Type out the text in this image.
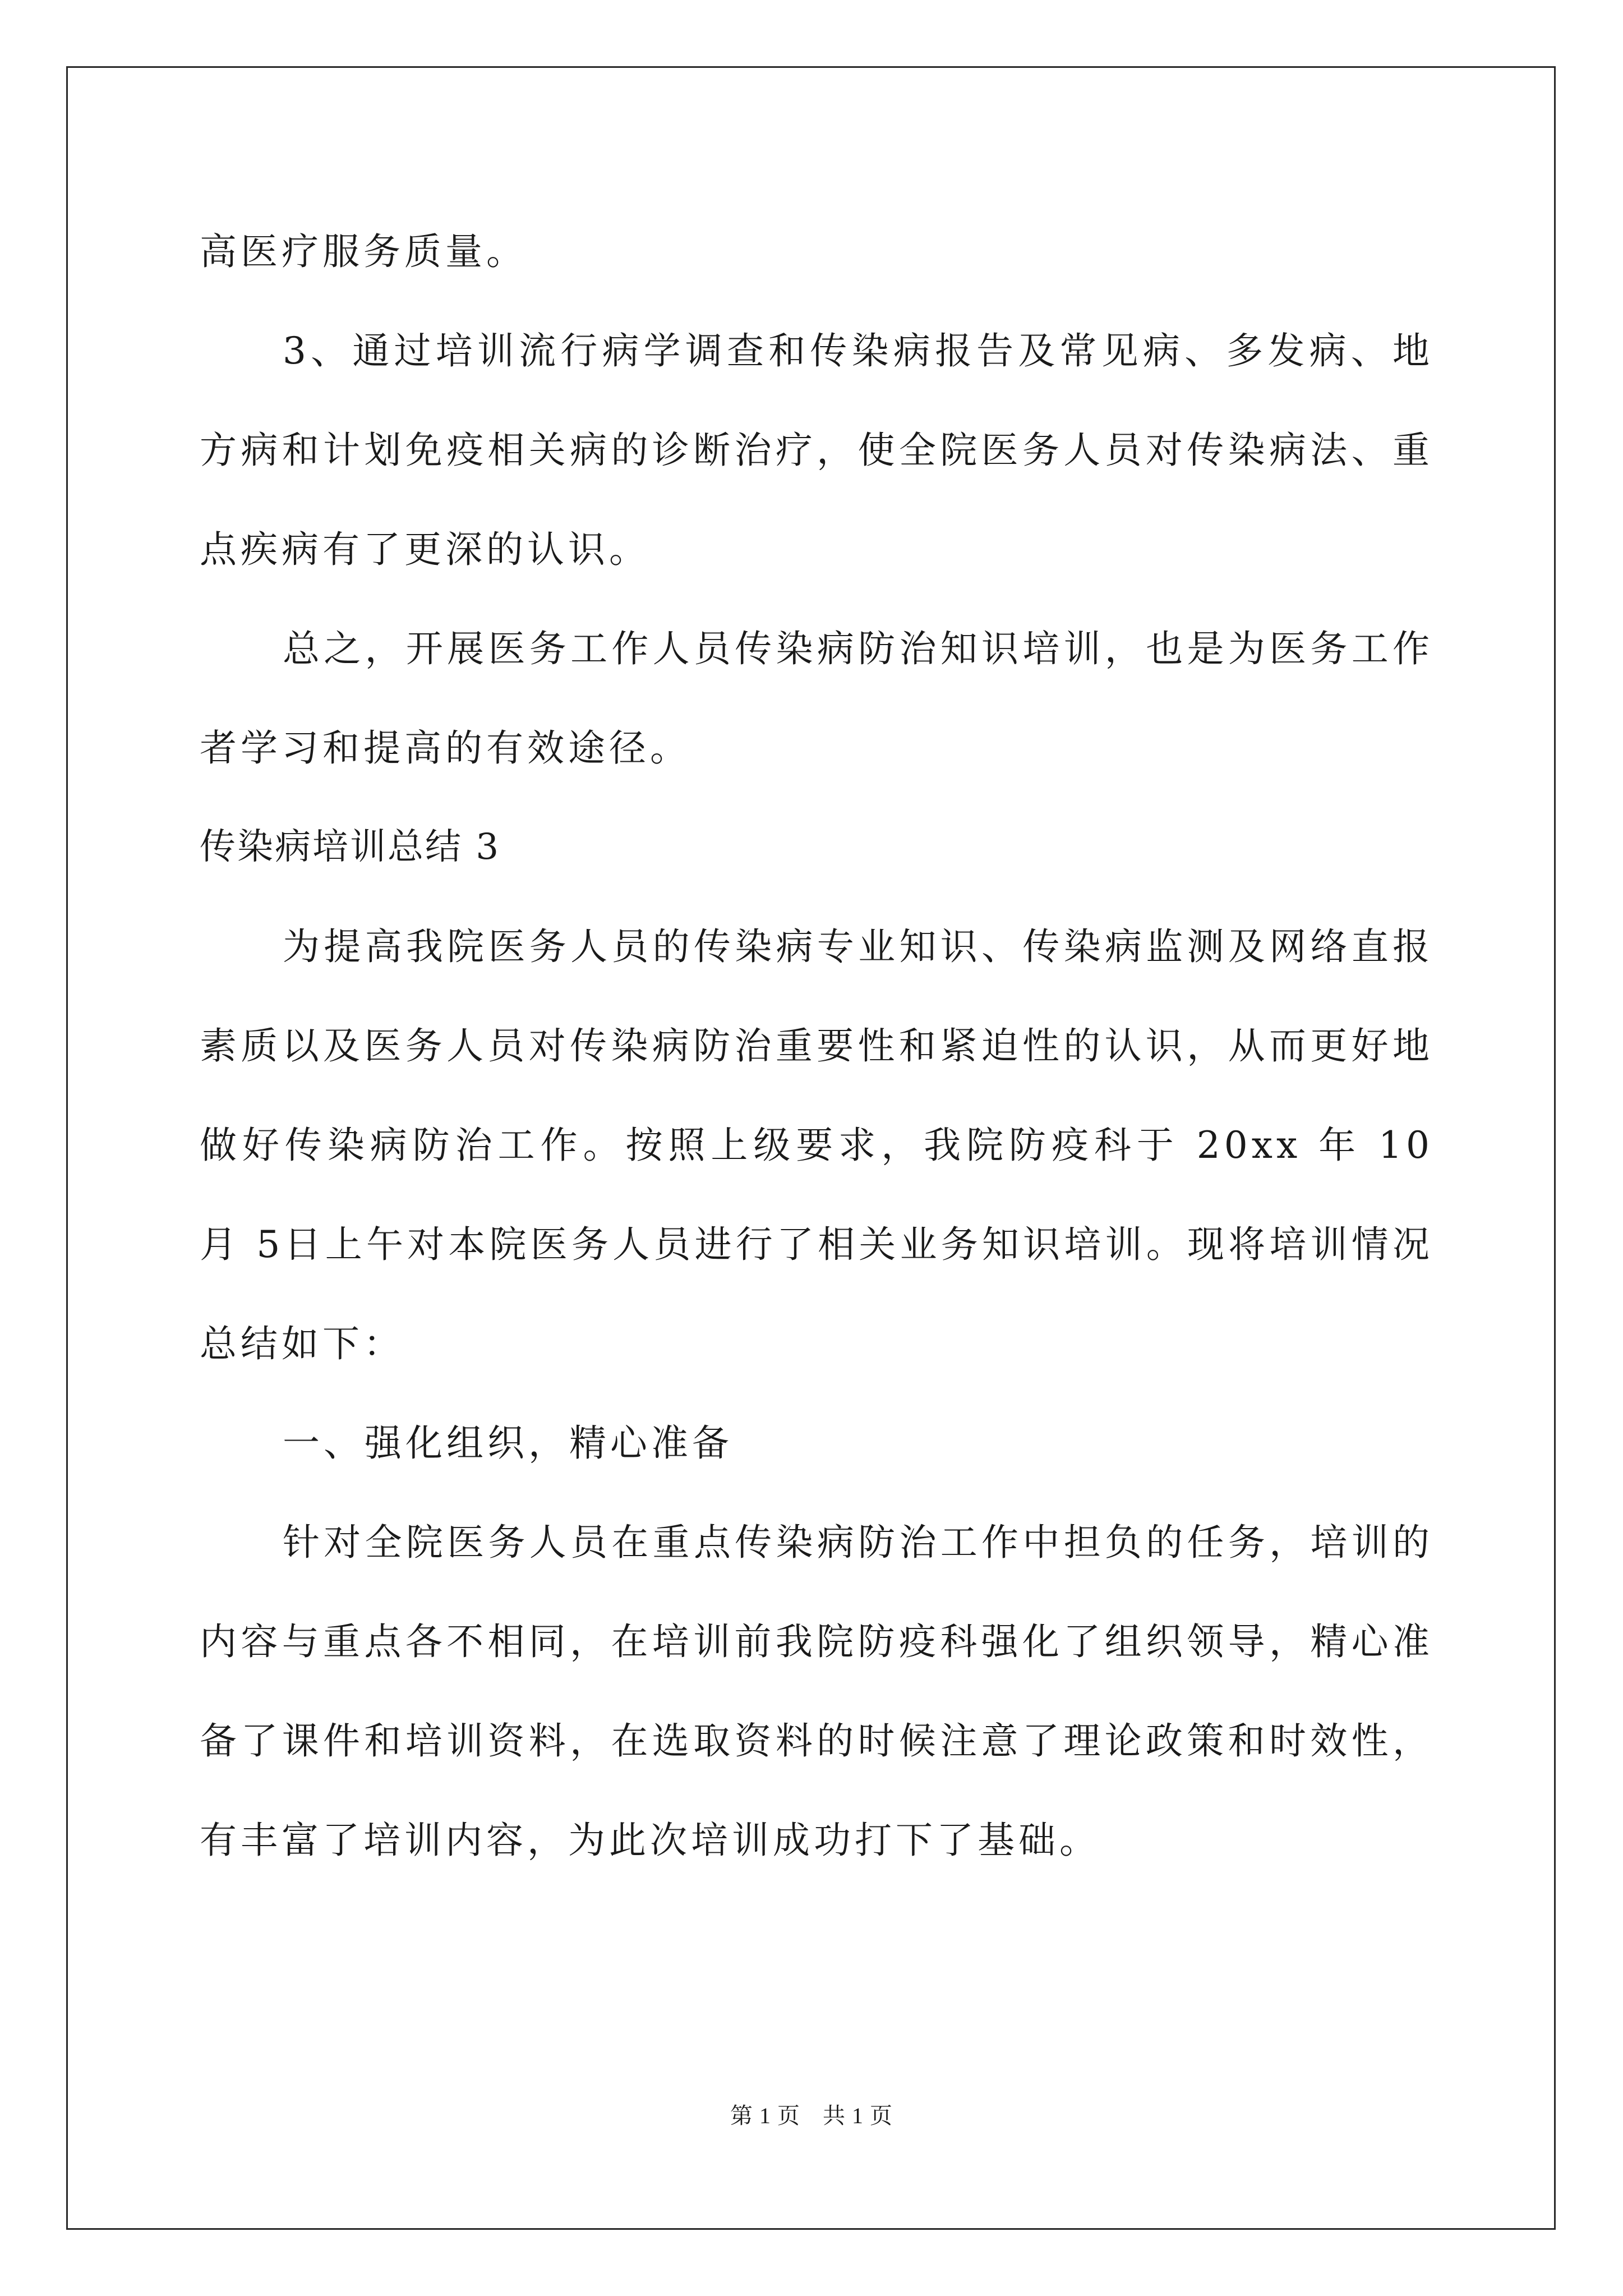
高医疗服务质量。

3、通过培训流行病学调查和传染病报告及常见病、多发病、地方病和计划免疫相关病的诊断治疗，使全院医务人员对传染病法、重点疾病有了更深的认识。

总之，开展医务工作人员传染病防治知识培训，也是为医务工作者学习和提高的有效途径。

传染病培训总结 3

为提高我院医务人员的传染病专业知识、传染病监测及网络直报素质以及医务人员对传染病防治重要性和紧迫性的认识，从而更好地做好传染病防治工作。按照上级要求，我院防疫科于 20xx 年 10 月 5日上午对本院医务人员进行了相关业务知识培训。现将培训情况总结如下：

一、强化组织，精心准备

针对全院医务人员在重点传染病防治工作中担负的任务，培训的内容与重点各不相同，在培训前我院防疫科强化了组织领导，精心准备了课件和培训资料，在选取资料的时候注意了理论政策和时效性，有丰富了培训内容，为此次培训成功打下了基础。

第 1 页 共 1 页
